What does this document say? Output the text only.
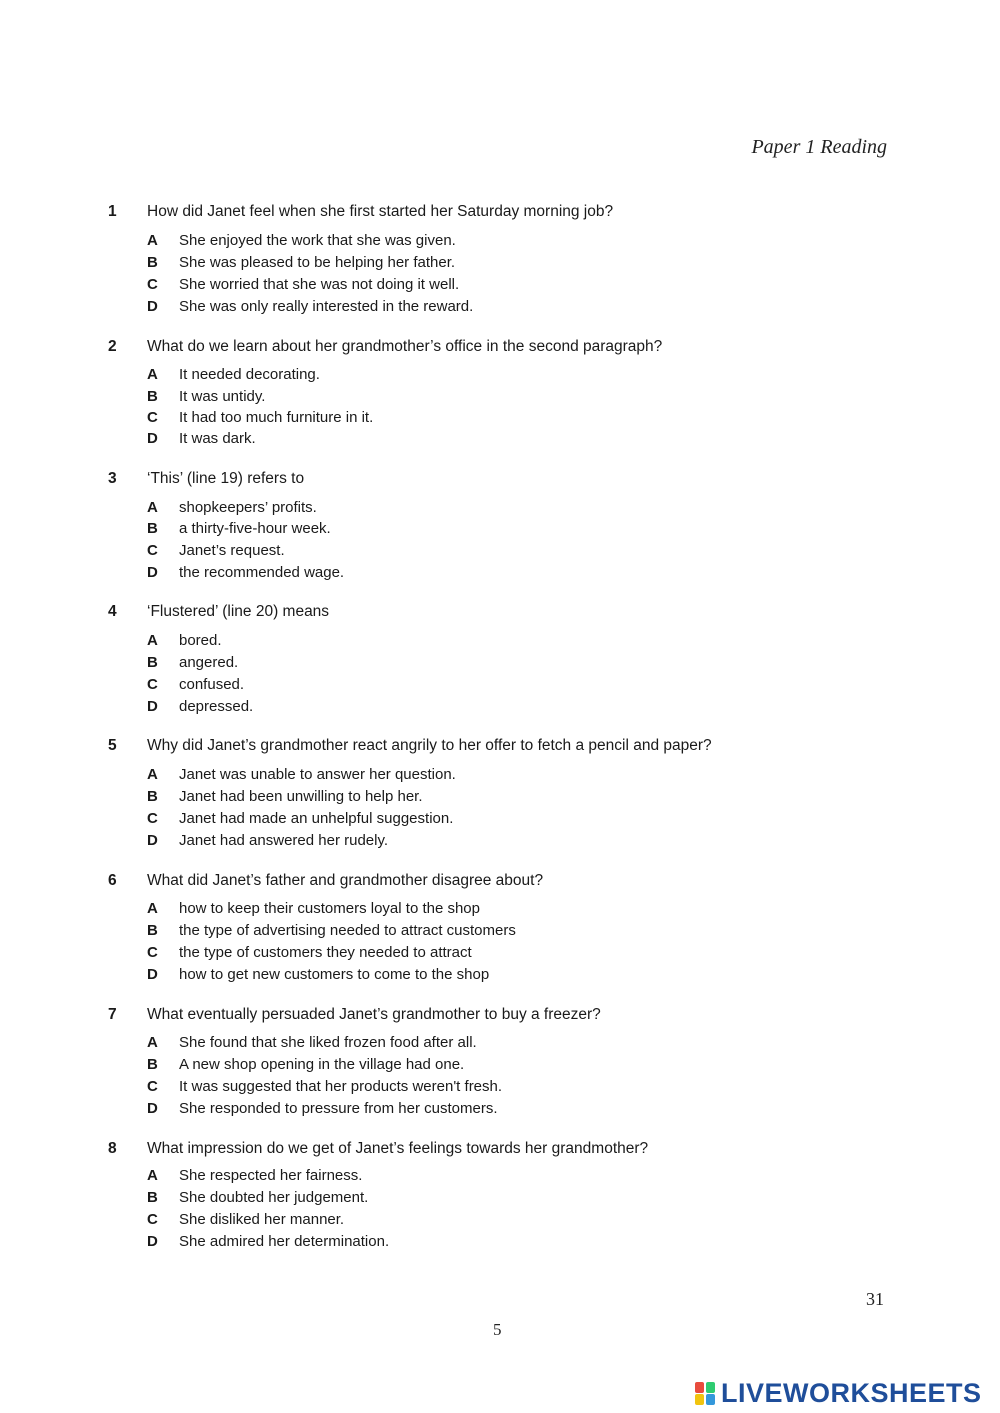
Paper 1 Reading
1 How did Janet feel when she first started her Saturday morning job?
A She enjoyed the work that she was given.
B She was pleased to be helping her father.
C She worried that she was not doing it well.
D She was only really interested in the reward.
2 What do we learn about her grandmother’s office in the second paragraph?
A It needed decorating.
B It was untidy.
C It had too much furniture in it.
D It was dark.
3 ‘This’ (line 19) refers to
A shopkeepers’ profits.
B a thirty-five-hour week.
C Janet’s request.
D the recommended wage.
4 ‘Flustered’ (line 20) means
A bored.
B angered.
C confused.
D depressed.
5 Why did Janet’s grandmother react angrily to her offer to fetch a pencil and paper?
A Janet was unable to answer her question.
B Janet had been unwilling to help her.
C Janet had made an unhelpful suggestion.
D Janet had answered her rudely.
6 What did Janet’s father and grandmother disagree about?
A how to keep their customers loyal to the shop
B the type of advertising needed to attract customers
C the type of customers they needed to attract
D how to get new customers to come to the shop
7 What eventually persuaded Janet’s grandmother to buy a freezer?
A She found that she liked frozen food after all.
B A new shop opening in the village had one.
C It was suggested that her products weren't fresh.
D She responded to pressure from her customers.
8 What impression do we get of Janet’s feelings towards her grandmother?
A She respected her fairness.
B She doubted her judgement.
C She disliked her manner.
D She admired her determination.
31
5
LIVEWORKSHEETS
